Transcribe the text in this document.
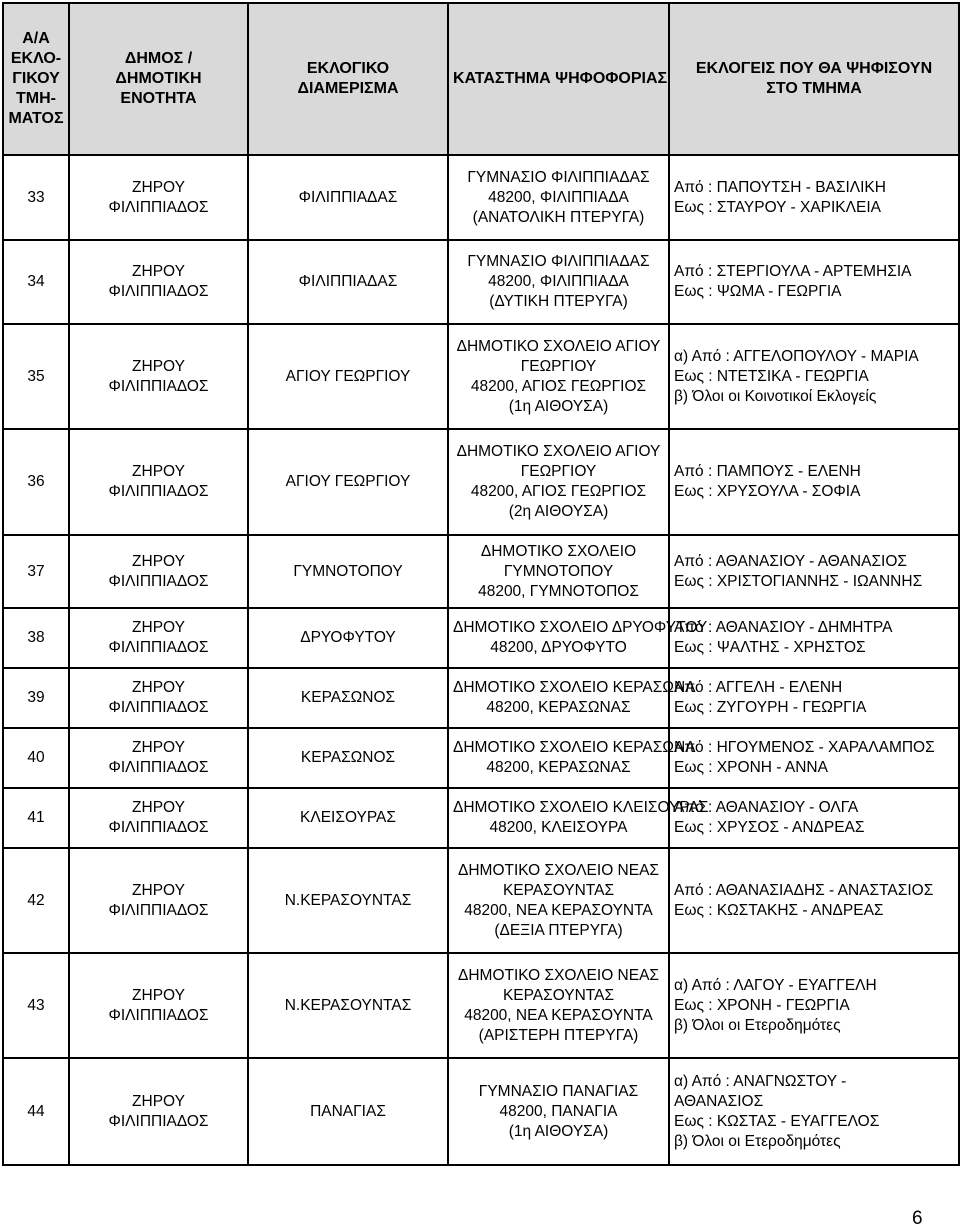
Α/Α
ΕΚΛΟ-
ΓΙΚΟΥ
ΤΜΗ-
ΜΑΤΟΣ	ΔΗΜΟΣ /
ΔΗΜΟΤΙΚΗ
ΕΝΟΤΗΤΑ	ΕΚΛΟΓΙΚΟ
ΔΙΑΜΕΡΙΣΜΑ	ΚΑΤΑΣΤΗΜΑ ΨΗΦΟΦΟΡΙΑΣ	ΕΚΛΟΓΕΙΣ ΠΟΥ ΘΑ ΨΗΦΙΣΟΥΝ
ΣΤΟ ΤΜΗΜΑ

33	ΖΗΡΟΥ
ΦΙΛΙΠΠΙΑΔΟΣ	ΦΙΛΙΠΠΙΑΔΑΣ	ΓΥΜΝΑΣΙΟ ΦΙΛΙΠΠΙΑΔΑΣ
48200, ΦΙΛΙΠΠΙΑΔΑ
(ΑΝΑΤΟΛΙΚΗ ΠΤΕΡΥΓΑ)	Από : ΠΑΠΟΥΤΣΗ - ΒΑΣΙΛΙΚΗ
Εως : ΣΤΑΥΡΟΥ - ΧΑΡΙΚΛΕΙΑ

34	ΖΗΡΟΥ
ΦΙΛΙΠΠΙΑΔΟΣ	ΦΙΛΙΠΠΙΑΔΑΣ	ΓΥΜΝΑΣΙΟ ΦΙΛΙΠΠΙΑΔΑΣ
48200, ΦΙΛΙΠΠΙΑΔΑ
(ΔΥΤΙΚΗ ΠΤΕΡΥΓΑ)	Από : ΣΤΕΡΓΙΟΥΛΑ - ΑΡΤΕΜΗΣΙΑ
Εως : ΨΩΜΑ - ΓΕΩΡΓΙΑ

35	ΖΗΡΟΥ
ΦΙΛΙΠΠΙΑΔΟΣ	ΑΓΙΟΥ ΓΕΩΡΓΙΟΥ	ΔΗΜΟΤΙΚΟ ΣΧΟΛΕΙΟ ΑΓΙΟΥ
ΓΕΩΡΓΙΟΥ
48200, ΑΓΙΟΣ ΓΕΩΡΓΙΟΣ
(1η ΑΙΘΟΥΣΑ)	α) Από : ΑΓΓΕΛΟΠΟΥΛΟΥ - ΜΑΡΙΑ
Εως : ΝΤΕΤΣΙΚΑ - ΓΕΩΡΓΙΑ
β) Όλοι οι Κοινοτικοί Εκλογείς

36	ΖΗΡΟΥ
ΦΙΛΙΠΠΙΑΔΟΣ	ΑΓΙΟΥ ΓΕΩΡΓΙΟΥ	ΔΗΜΟΤΙΚΟ ΣΧΟΛΕΙΟ ΑΓΙΟΥ
ΓΕΩΡΓΙΟΥ
48200, ΑΓΙΟΣ ΓΕΩΡΓΙΟΣ
(2η ΑΙΘΟΥΣΑ)	Από : ΠΑΜΠΟΥΣ - ΕΛΕΝΗ
Εως : ΧΡΥΣΟΥΛΑ - ΣΟΦΙΑ

37	ΖΗΡΟΥ
ΦΙΛΙΠΠΙΑΔΟΣ	ΓΥΜΝΟΤΟΠΟΥ	ΔΗΜΟΤΙΚΟ ΣΧΟΛΕΙΟ
ΓΥΜΝΟΤΟΠΟΥ
48200, ΓΥΜΝΟΤΟΠΟΣ	Από : ΑΘΑΝΑΣΙΟΥ - ΑΘΑΝΑΣΙΟΣ
Εως : ΧΡΙΣΤΟΓΙΑΝΝΗΣ - ΙΩΑΝΝΗΣ

38	ΖΗΡΟΥ
ΦΙΛΙΠΠΙΑΔΟΣ	ΔΡΥΟΦΥΤΟΥ	ΔΗΜΟΤΙΚΟ ΣΧΟΛΕΙΟ ΔΡΥΟΦΥΤΟΥ
48200, ΔΡΥΟΦΥΤΟ	Από : ΑΘΑΝΑΣΙΟΥ - ΔΗΜΗΤΡΑ
Εως : ΨΑΛΤΗΣ - ΧΡΗΣΤΟΣ

39	ΖΗΡΟΥ
ΦΙΛΙΠΠΙΑΔΟΣ	ΚΕΡΑΣΩΝΟΣ	ΔΗΜΟΤΙΚΟ ΣΧΟΛΕΙΟ ΚΕΡΑΣΩΝΑ
48200, ΚΕΡΑΣΩΝΑΣ	Από : ΑΓΓΕΛΗ - ΕΛΕΝΗ
Εως : ΖΥΓΟΥΡΗ - ΓΕΩΡΓΙΑ

40	ΖΗΡΟΥ
ΦΙΛΙΠΠΙΑΔΟΣ	ΚΕΡΑΣΩΝΟΣ	ΔΗΜΟΤΙΚΟ ΣΧΟΛΕΙΟ ΚΕΡΑΣΩΝΑ
48200, ΚΕΡΑΣΩΝΑΣ	Από : ΗΓΟΥΜΕΝΟΣ - ΧΑΡΑΛΑΜΠΟΣ
Εως : ΧΡΟΝΗ - ΑΝΝΑ

41	ΖΗΡΟΥ
ΦΙΛΙΠΠΙΑΔΟΣ	ΚΛΕΙΣΟΥΡΑΣ	ΔΗΜΟΤΙΚΟ ΣΧΟΛΕΙΟ ΚΛΕΙΣΟΥΡΑΣ
48200, ΚΛΕΙΣΟΥΡΑ	Από : ΑΘΑΝΑΣΙΟΥ - ΟΛΓΑ
Εως : ΧΡΥΣΟΣ - ΑΝΔΡΕΑΣ

42	ΖΗΡΟΥ
ΦΙΛΙΠΠΙΑΔΟΣ	Ν.ΚΕΡΑΣΟΥΝΤΑΣ	ΔΗΜΟΤΙΚΟ ΣΧΟΛΕΙΟ ΝΕΑΣ
ΚΕΡΑΣΟΥΝΤΑΣ
48200, ΝΕΑ ΚΕΡΑΣΟΥΝΤΑ
(ΔΕΞΙΑ ΠΤΕΡΥΓΑ)	Από : ΑΘΑΝΑΣΙΑΔΗΣ - ΑΝΑΣΤΑΣΙΟΣ
Εως : ΚΩΣΤΑΚΗΣ - ΑΝΔΡΕΑΣ

43	ΖΗΡΟΥ
ΦΙΛΙΠΠΙΑΔΟΣ	Ν.ΚΕΡΑΣΟΥΝΤΑΣ	ΔΗΜΟΤΙΚΟ ΣΧΟΛΕΙΟ ΝΕΑΣ
ΚΕΡΑΣΟΥΝΤΑΣ
48200, ΝΕΑ ΚΕΡΑΣΟΥΝΤΑ
(ΑΡΙΣΤΕΡΗ ΠΤΕΡΥΓΑ)	α) Από : ΛΑΓΟΥ - ΕΥΑΓΓΕΛΗ
Εως : ΧΡΟΝΗ - ΓΕΩΡΓΙΑ
β) Όλοι οι Ετεροδημότες

44	ΖΗΡΟΥ
ΦΙΛΙΠΠΙΑΔΟΣ	ΠΑΝΑΓΙΑΣ	ΓΥΜΝΑΣΙΟ ΠΑΝΑΓΙΑΣ
48200, ΠΑΝΑΓΙΑ
(1η ΑΙΘΟΥΣΑ)	α) Από : ΑΝΑΓΝΩΣΤΟΥ -
ΑΘΑΝΑΣΙΟΣ
Εως : ΚΩΣΤΑΣ - ΕΥΑΓΓΕΛΟΣ
β) Όλοι οι Ετεροδημότες
6
